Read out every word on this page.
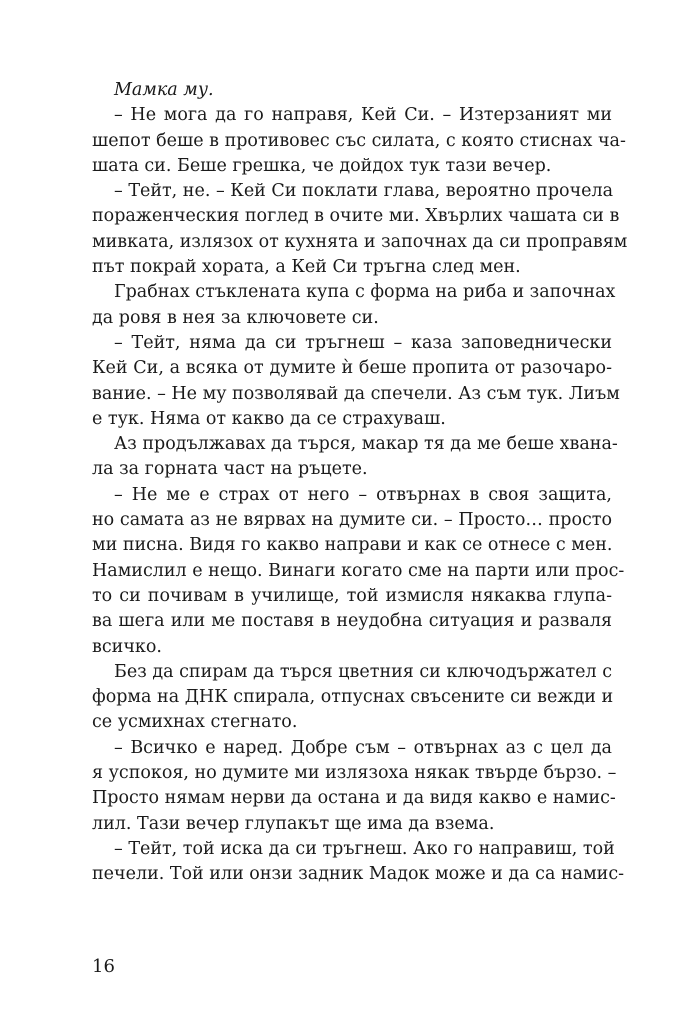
Мамка му.
– Не мога да го направя, Кей Си. – Изтерзаният ми
шепот беше в противовес със силата, с която стиснах ча-
шата си. Беше грешка, че дойдох тук тази вечер.
– Тейт, не. – Кей Си поклати глава, вероятно прочела
пораженческия поглед в очите ми. Хвърлих чашата си в
мивката, излязох от кухнята и започнах да си проправям
път покрай хората, а Кей Си тръгна след мен.
Грабнах стъклената купа с форма на риба и започнах
да ровя в нея за ключовете си.
– Тейт, няма да си тръгнеш – каза заповеднически
Кей Си, а всяка от думите ѝ беше пропита от разочаро-
вание. – Не му позволявай да спечели. Аз съм тук. Лиъм
е тук. Няма от какво да се страхуваш.
Аз продължавах да търся, макар тя да ме беше хвана-
ла за горната част на ръцете.
– Не ме е страх от него – отвърнах в своя защита,
но самата аз не вярвах на думите си. – Просто… просто
ми писна. Видя го какво направи и как се отнесе с мен.
Намислил е нещо. Винаги когато сме на парти или прос-
то си почивам в училище, той измисля някаква глупа-
ва шега или ме поставя в неудобна ситуация и разваля
всичко.
Без да спирам да търся цветния си ключодържател с
форма на ДНК спирала, отпуснах свъсените си вежди и
се усмихнах стегнато.
– Всичко е наред. Добре съм – отвърнах аз с цел да
я успокоя, но думите ми излязоха някак твърде бързо. –
Просто нямам нерви да остана и да видя какво е намис-
лил. Тази вечер глупакът ще има да взема.
– Тейт, той иска да си тръгнеш. Ако го направиш, той
печели. Той или онзи задник Мадок може и да са намис-
16
